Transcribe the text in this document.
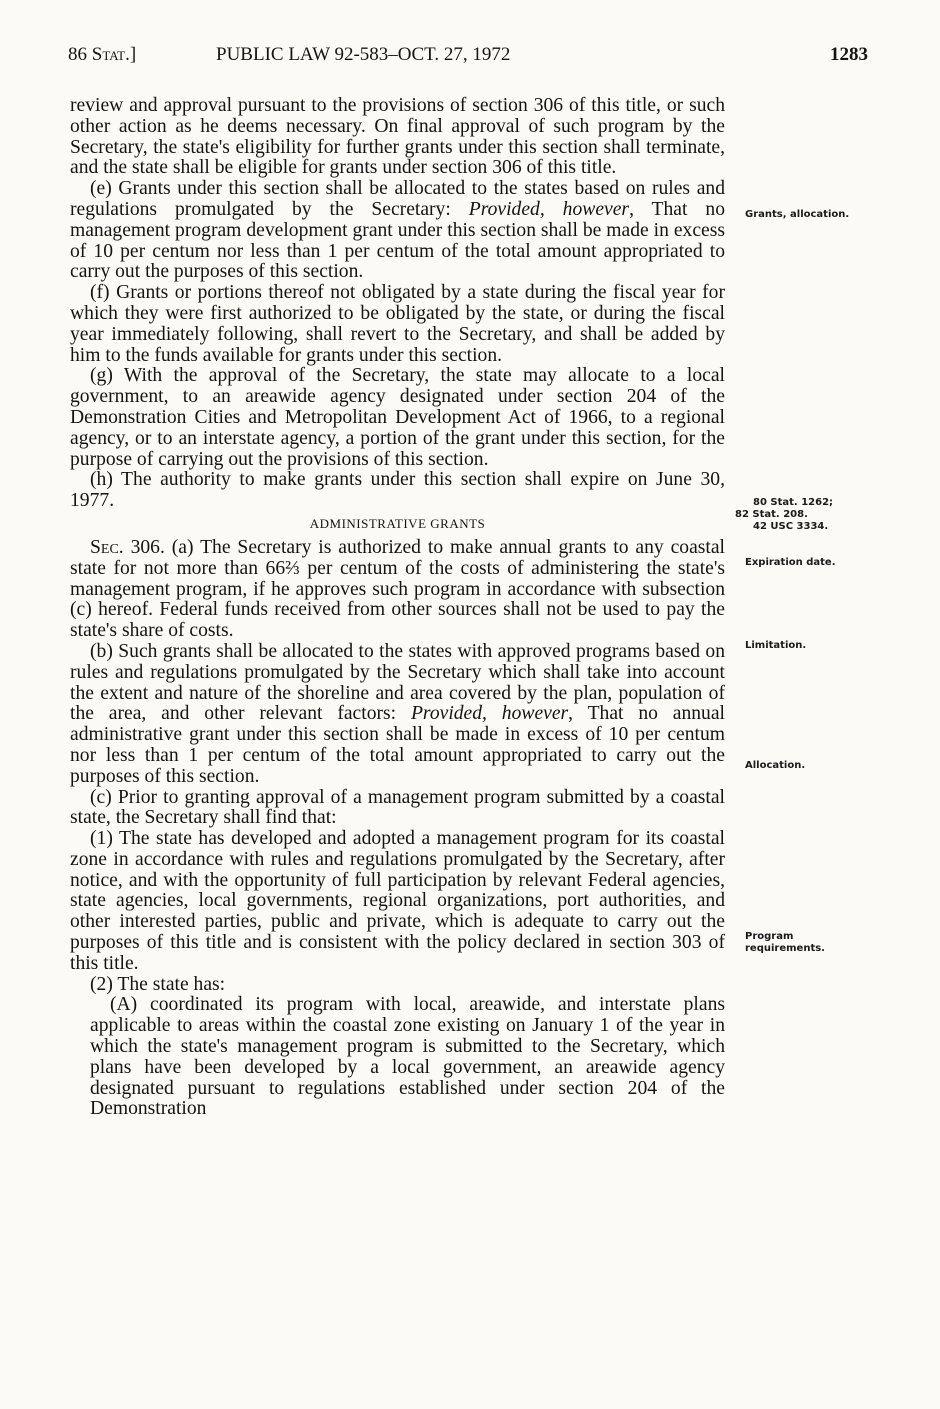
86 Stat.]	PUBLIC LAW 92-583–OCT. 27, 1972	1283

review and approval pursuant to the provisions of section 306 of this title, or such other action as he deems necessary. On final approval of such program by the Secretary, the state's eligibility for further grants under this section shall terminate, and the state shall be eligible for grants under section 306 of this title.

(e) Grants under this section shall be allocated to the states based on rules and regulations promulgated by the Secretary: Provided, however, That no management program development grant under this section shall be made in excess of 10 per centum nor less than 1 per centum of the total amount appropriated to carry out the purposes of this section.

(f) Grants or portions thereof not obligated by a state during the fiscal year for which they were first authorized to be obligated by the state, or during the fiscal year immediately following, shall revert to the Secretary, and shall be added by him to the funds available for grants under this section.

(g) With the approval of the Secretary, the state may allocate to a local government, to an areawide agency designated under section 204 of the Demonstration Cities and Metropolitan Development Act of 1966, to a regional agency, or to an interstate agency, a portion of the grant under this section, for the purpose of carrying out the provisions of this section.

(h) The authority to make grants under this section shall expire on June 30, 1977.

ADMINISTRATIVE GRANTS

Sec. 306. (a) The Secretary is authorized to make annual grants to any coastal state for not more than 66⅔ per centum of the costs of administering the state's management program, if he approves such program in accordance with subsection (c) hereof. Federal funds received from other sources shall not be used to pay the state's share of costs.

(b) Such grants shall be allocated to the states with approved programs based on rules and regulations promulgated by the Secretary which shall take into account the extent and nature of the shoreline and area covered by the plan, population of the area, and other relevant factors: Provided, however, That no annual administrative grant under this section shall be made in excess of 10 per centum nor less than 1 per centum of the total amount appropriated to carry out the purposes of this section.

(c) Prior to granting approval of a management program submitted by a coastal state, the Secretary shall find that:

(1) The state has developed and adopted a management program for its coastal zone in accordance with rules and regulations promulgated by the Secretary, after notice, and with the opportunity of full participation by relevant Federal agencies, state agencies, local governments, regional organizations, port authorities, and other interested parties, public and private, which is adequate to carry out the purposes of this title and is consistent with the policy declared in section 303 of this title.

(2) The state has:

(A) coordinated its program with local, areawide, and interstate plans applicable to areas within the coastal zone existing on January 1 of the year in which the state's management program is submitted to the Secretary, which plans have been developed by a local government, an areawide agency designated pursuant to regulations established under section 204 of the Demonstration

Grants, allocation.
80 Stat. 1262;
82 Stat. 208.
42 USC 3334.
Expiration date.
Limitation.
Allocation.
Program requirements.
